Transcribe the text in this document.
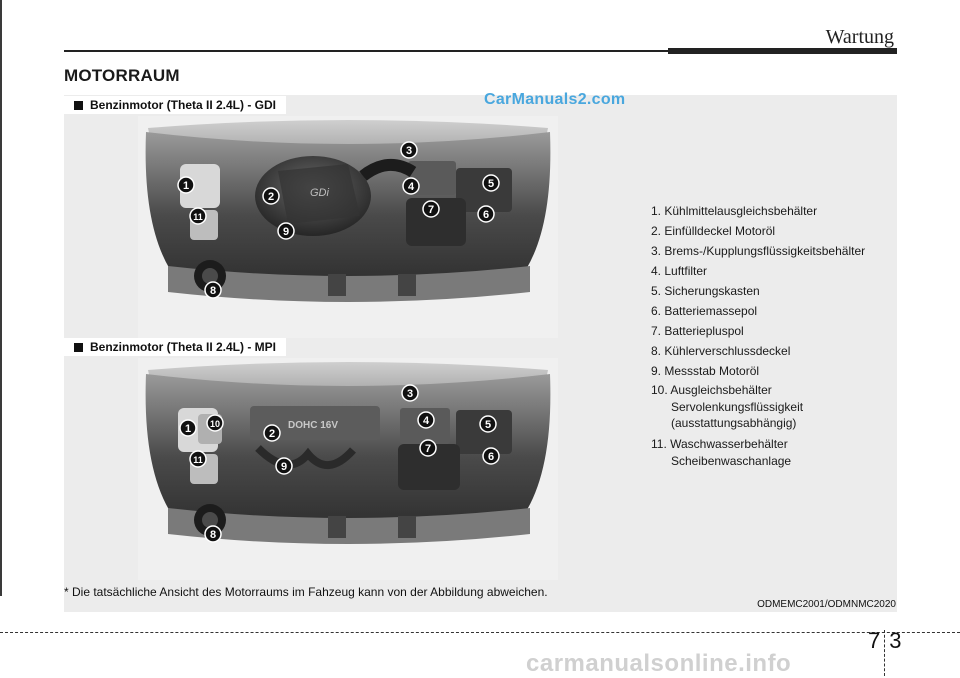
Wartung
MOTORRAUM
Benzinmotor (Theta II 2.4L) - GDI	CarManuals2.com
GDi
1
2
3
4	5
6
7
8
9
11
Benzinmotor (Theta II 2.4L) - MPI
DOHC 16V
1 10
2
3
4	5
6
7
8
9
11
1. Kühlmittelausgleichsbehälter
2. Einfülldeckel Motoröl
3. Brems-/Kupplungsflüssigkeitsbehälter
4. Luftfilter
5. Sicherungskasten
6. Batteriemassepol
7. Batteriepluspol
8. Kühlerverschlussdeckel
9. Messstab Motoröl
10. Ausgleichsbehälter
Servolenkungsflüssigkeit
(ausstattungsabhängig)
11. Waschwasserbehälter
Scheibenwaschanlage
* Die tatsächliche Ansicht des Motorraums im Fahzeug kann von der Abbildung abweichen.
ODMEMC2001/ODMNMC2020
7 3
carmanualsonline.info
